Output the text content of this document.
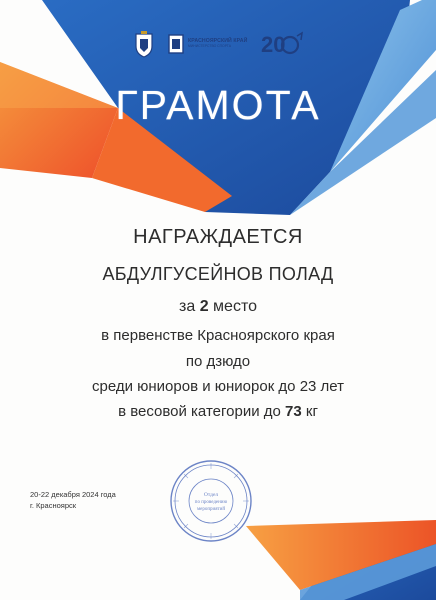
КРАСНОЯРСКИЙ КРАЙ
МИНИСТЕРСТВО СПОРТА	20
ГРАМОТА
НАГРАЖДАЕТСЯ
АБДУЛГУСЕЙНОВ ПОЛАД
за 2 место
в первенстве Красноярского края
по дзюдо
среди юниоров и юниорок до 23 лет
в весовой категории до 73 кг
20-22 декабря 2024 года
г. Красноярск
Отдел
по проведению
мероприятий
